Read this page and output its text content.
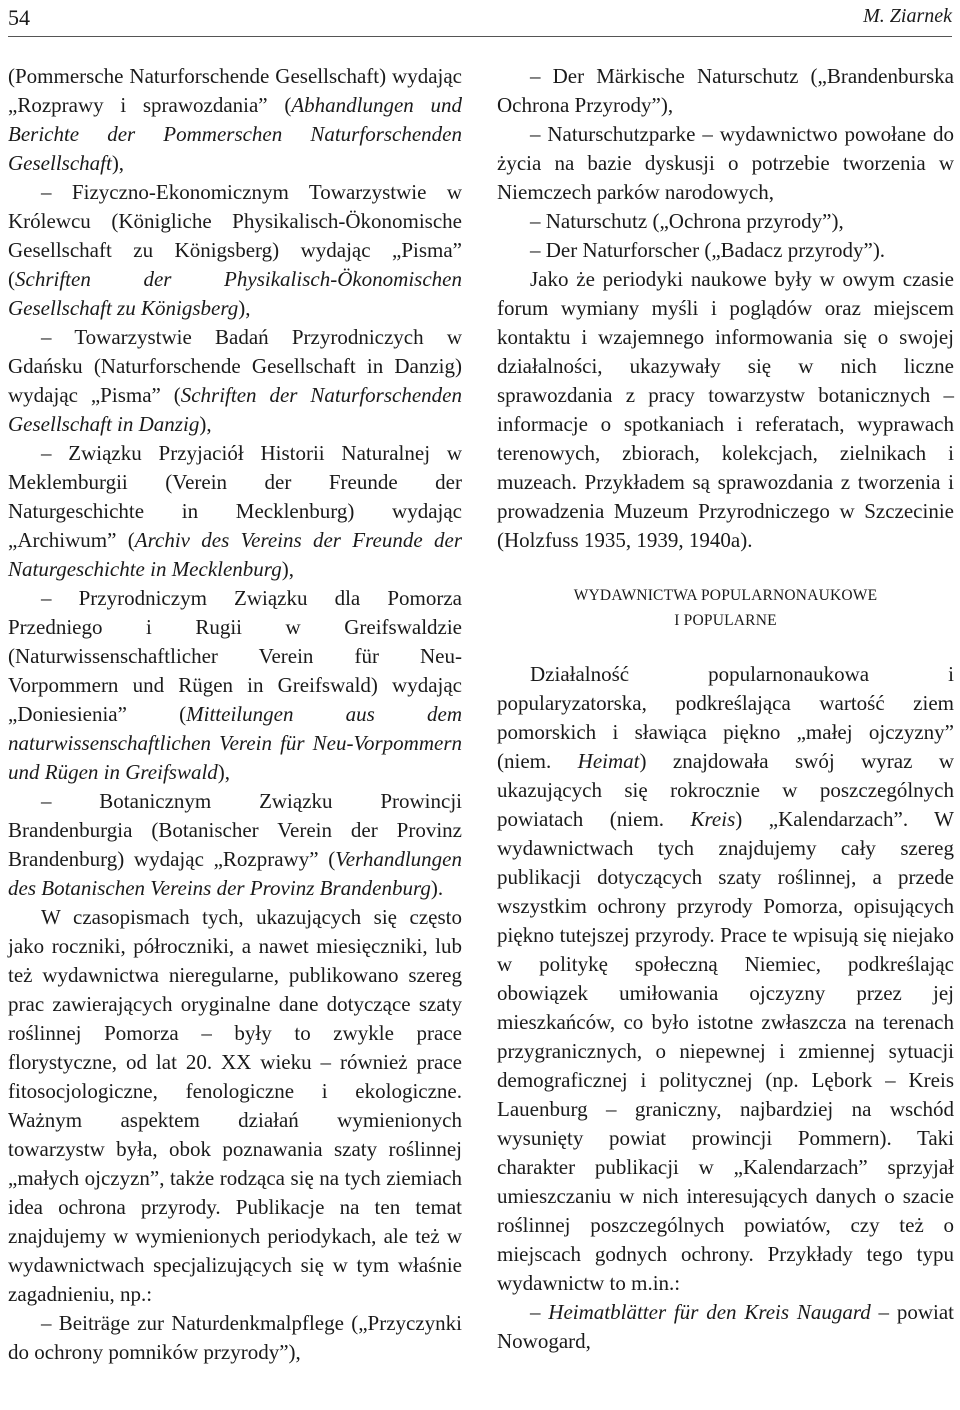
54	M. Ziarnek

(Pommersche Naturforschende Gesellschaft) wydając „Rozprawy i sprawozdania” (Abhandlungen und Berichte der Pommerschen Naturforschenden Gesellschaft),

– Fizyczno-Ekonomicznym Towarzystwie w Królewcu (Königliche Physikalisch-Ökonomische Gesellschaft zu Königsberg) wydając „Pisma” (Schriften der Physikalisch-Ökonomischen Gesellschaft zu Königsberg),

– Towarzystwie Badań Przyrodniczych w Gdańsku (Naturforschende Gesellschaft in Danzig) wydając „Pisma” (Schriften der Naturforschenden Gesellschaft in Danzig),

– Związku Przyjaciół Historii Naturalnej w Meklemburgii (Verein der Freunde der Naturgeschichte in Mecklenburg) wydając „Archiwum” (Archiv des Vereins der Freunde der Naturgeschichte in Mecklenburg),

– Przyrodniczym Związku dla Pomorza Przedniego i Rugii w Greifswaldzie (Naturwissenschaftlicher Verein für Neu-Vorpommern und Rügen in Greifswald) wydając „Doniesienia” (Mitteilungen aus dem naturwissenschaftlichen Verein für Neu-Vorpommern und Rügen in Greifswald),

– Botanicznym Związku Prowincji Brandenburgia (Botanischer Verein der Provinz Brandenburg) wydając „Rozprawy” (Verhandlungen des Botanischen Vereins der Provinz Brandenburg).

W czasopismach tych, ukazujących się często jako roczniki, półroczniki, a nawet miesięczniki, lub też wydawnictwa nieregularne, publikowano szereg prac zawierających oryginalne dane dotyczące szaty roślinnej Pomorza – były to zwykle prace florystyczne, od lat 20. XX wieku – również prace fitosocjologiczne, fenologiczne i ekologiczne. Ważnym aspektem działań wymienionych towarzystw była, obok poznawania szaty roślinnej „małych ojczyzn”, także rodząca się na tych ziemiach idea ochrona przyrody. Publikacje na ten temat znajdujemy w wymienionych periodykach, ale też w wydawnictwach specjalizujących się w tym właśnie zagadnieniu, np.:

– Beiträge zur Naturdenkmalpflege („Przyczynki do ochrony pomników przyrody”),

– Der Märkische Naturschutz („Brandenburska Ochrona Przyrody”),

– Naturschutzparke – wydawnictwo powołane do życia na bazie dyskusji o potrzebie tworzenia w Niemczech parków narodowych,

– Naturschutz („Ochrona przyrody”),

– Der Naturforscher („Badacz przyrody”).

Jako że periodyki naukowe były w owym czasie forum wymiany myśli i poglądów oraz miejscem kontaktu i wzajemnego informowania się o swojej działalności, ukazywały się w nich liczne sprawozdania z pracy towarzystw botanicznych – informacje o spotkaniach i referatach, wyprawach terenowych, zbiorach, kolekcjach, zielnikach i muzeach. Przykładem są sprawozdania z tworzenia i prowadzenia Muzeum Przyrodniczego w Szczecinie (Holzfuss 1935, 1939, 1940a).

WYDAWNICTWA POPULARNONAUKOWE
I POPULARNE

Działalność popularnonaukowa i popularyzatorska, podkreślająca wartość ziem pomorskich i sławiąca piękno „małej ojczyzny” (niem. Heimat) znajdowała swój wyraz w ukazujących się rokrocznie w poszczególnych powiatach (niem. Kreis) „Kalendarzach”. W wydawnictwach tych znajdujemy cały szereg publikacji dotyczących szaty roślinnej, a przede wszystkim ochrony przyrody Pomorza, opisujących piękno tutejszej przyrody. Prace te wpisują się niejako w politykę społeczną Niemiec, podkreślając obowiązek umiłowania ojczyzny przez jej mieszkańców, co było istotne zwłaszcza na terenach przygranicznych, o niepewnej i zmiennej sytuacji demograficznej i politycznej (np. Lębork – Kreis Lauenburg – graniczny, najbardziej na wschód wysunięty powiat prowincji Pommern). Taki charakter publikacji w „Kalendarzach” sprzyjał umieszczaniu w nich interesujących danych o szacie roślinnej poszczególnych powiatów, czy też o miejscach godnych ochrony. Przykłady tego typu wydawnictw to m.in.:

– Heimatblätter für den Kreis Naugard – powiat Nowogard,
